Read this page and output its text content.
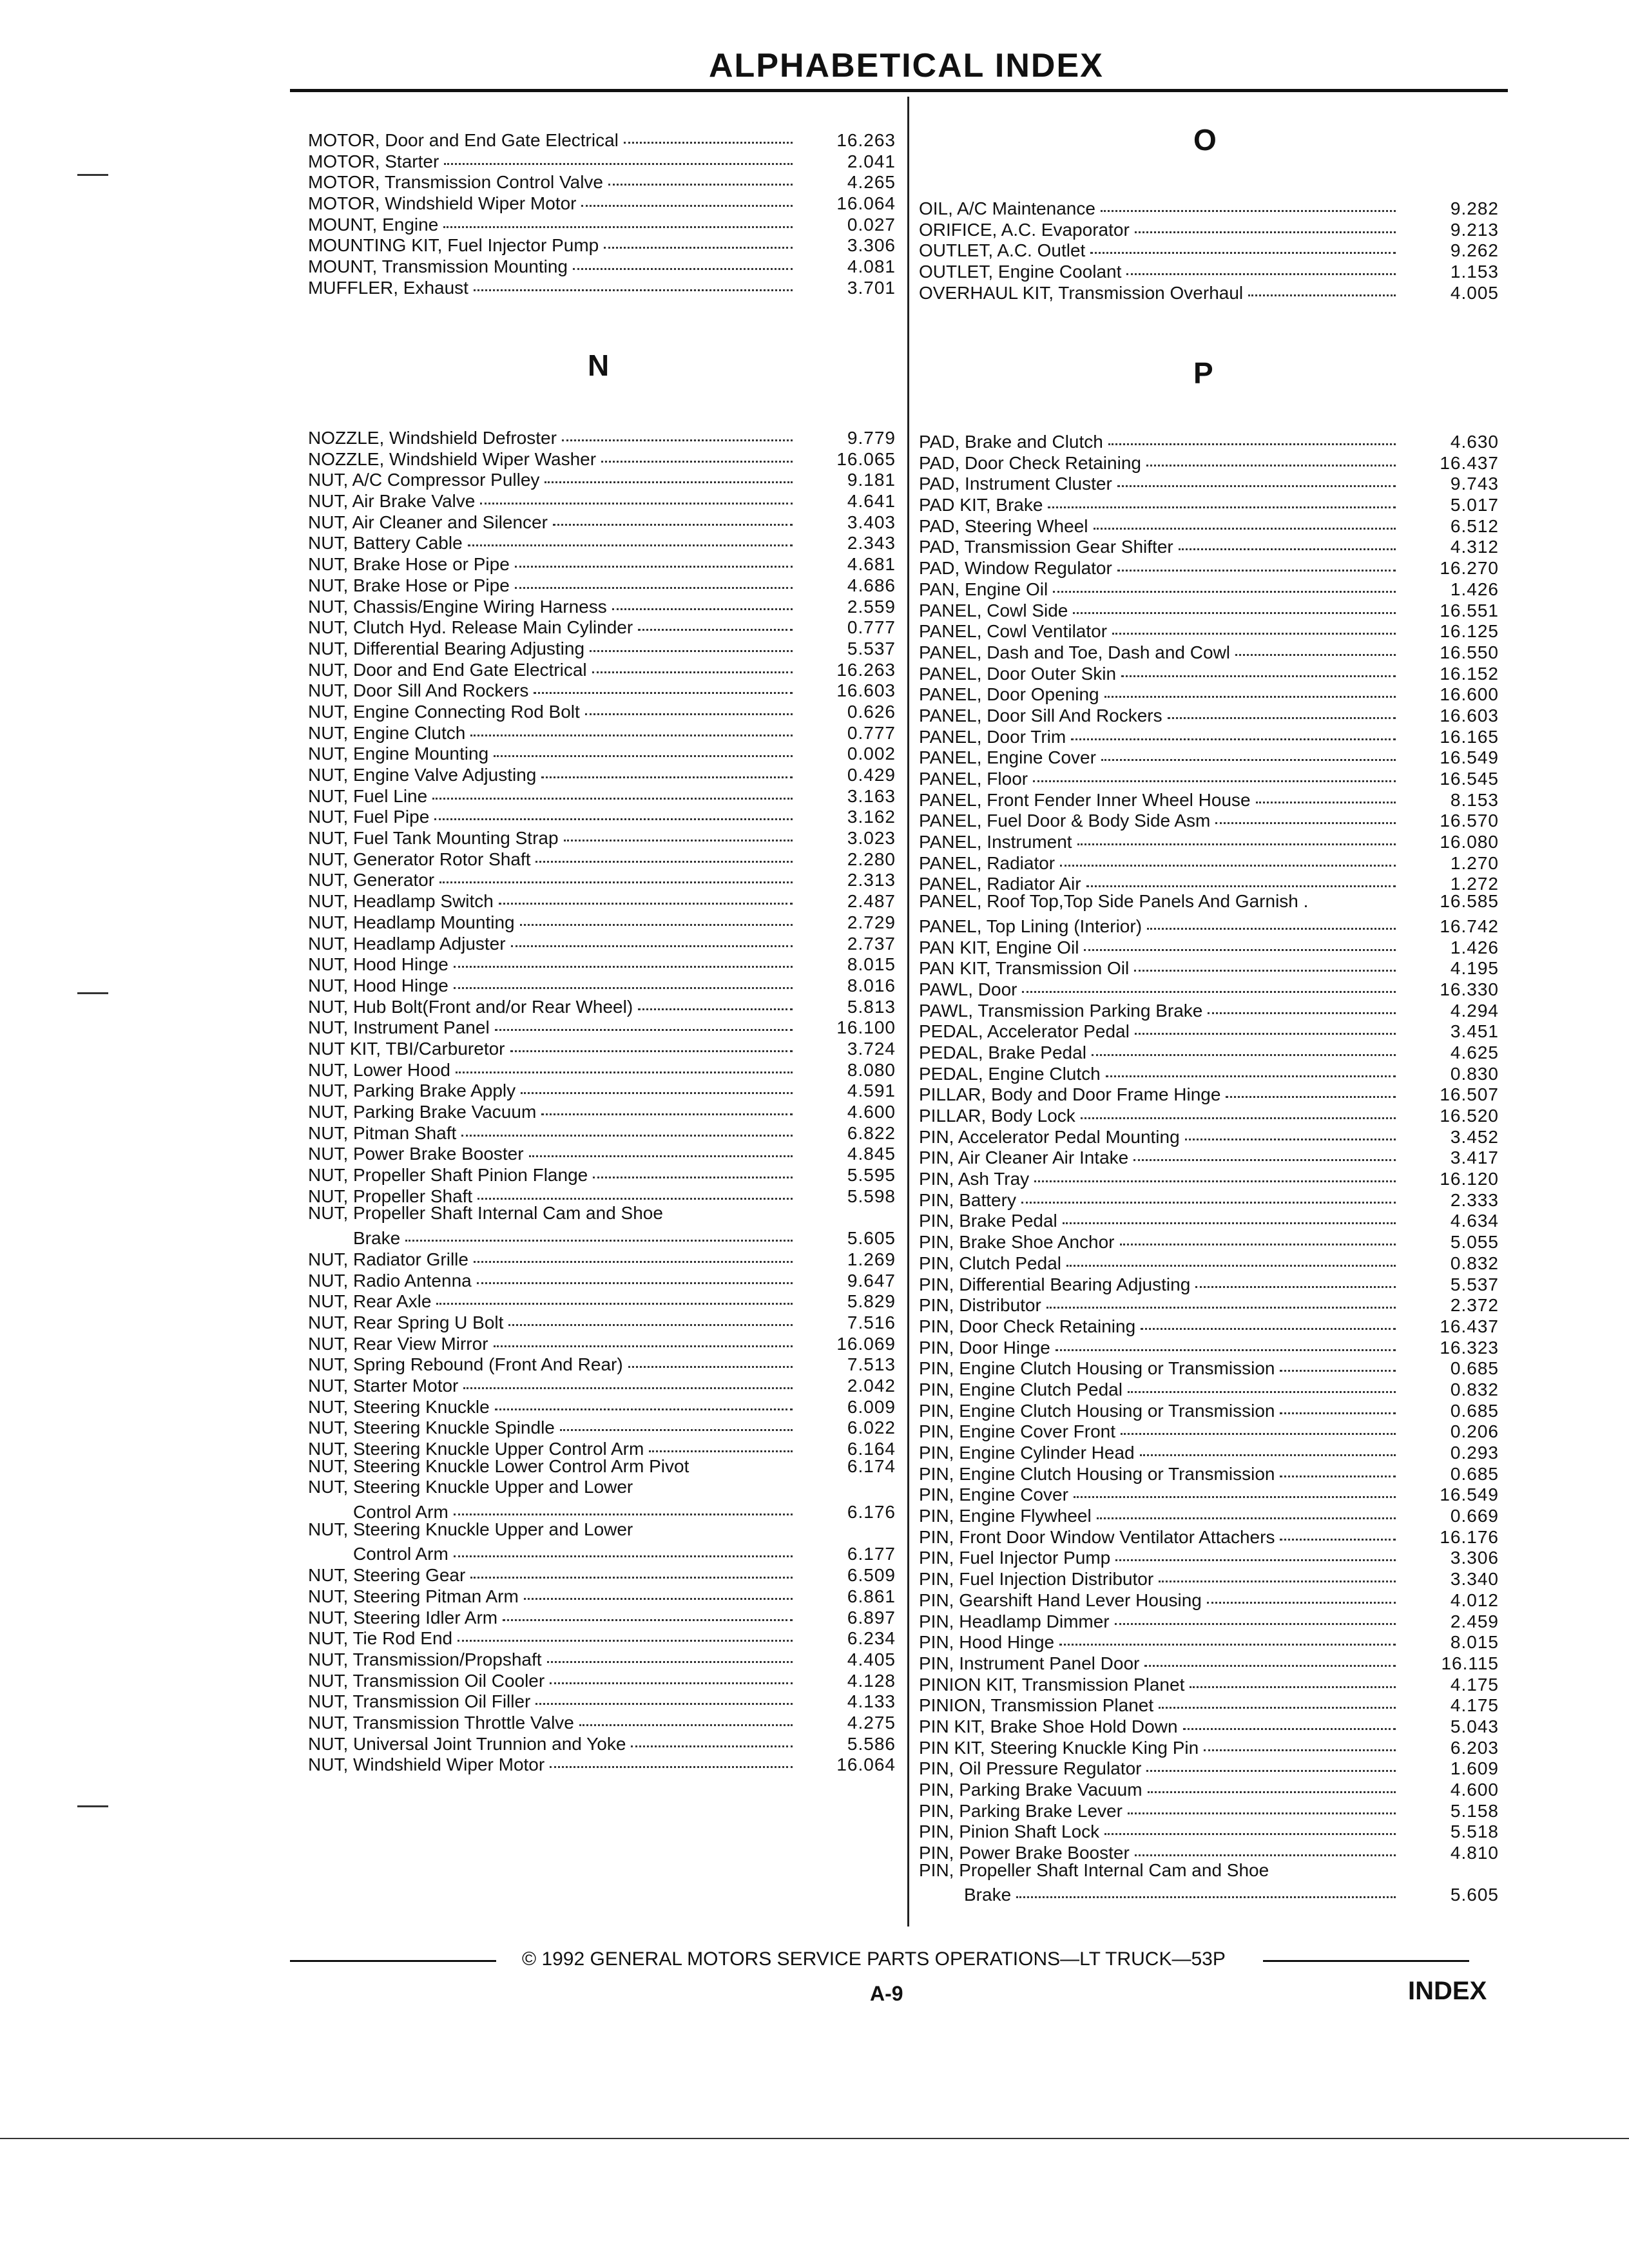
ALPHABETICAL INDEX
MOTOR, Door and End Gate Electrical	16.263
MOTOR, Starter	2.041
MOTOR, Transmission Control Valve	4.265
MOTOR, Windshield Wiper Motor	16.064
MOUNT, Engine	0.027
MOUNTING KIT, Fuel Injector Pump	3.306
MOUNT, Transmission Mounting	4.081
MUFFLER, Exhaust	3.701
N
NOZZLE, Windshield Defroster	9.779
NOZZLE, Windshield Wiper Washer	16.065
NUT, A/C Compressor Pulley	9.181
NUT, Air Brake Valve	4.641
NUT, Air Cleaner and Silencer	3.403
NUT, Battery Cable	2.343
NUT, Brake Hose or Pipe	4.681
NUT, Brake Hose or Pipe	4.686
NUT, Chassis/Engine Wiring Harness	2.559
NUT, Clutch Hyd. Release Main Cylinder	0.777
NUT, Differential Bearing Adjusting	5.537
NUT, Door and End Gate Electrical	16.263
NUT, Door Sill And Rockers	16.603
NUT, Engine Connecting Rod Bolt	0.626
NUT, Engine Clutch	0.777
NUT, Engine Mounting	0.002
NUT, Engine Valve Adjusting	0.429
NUT, Fuel Line	3.163
NUT, Fuel Pipe	3.162
NUT, Fuel Tank Mounting Strap	3.023
NUT, Generator Rotor Shaft	2.280
NUT, Generator	2.313
NUT, Headlamp Switch	2.487
NUT, Headlamp Mounting	2.729
NUT, Headlamp Adjuster	2.737
NUT, Hood Hinge	8.015
NUT, Hood Hinge	8.016
NUT, Hub Bolt(Front and/or Rear Wheel)	5.813
NUT, Instrument Panel	16.100
NUT KIT, TBI/Carburetor	3.724
NUT, Lower Hood	8.080
NUT, Parking Brake Apply	4.591
NUT, Parking Brake Vacuum	4.600
NUT, Pitman Shaft	6.822
NUT, Power Brake Booster	4.845
NUT, Propeller Shaft Pinion Flange	5.595
NUT, Propeller Shaft	5.598
NUT, Propeller Shaft Internal Cam and Shoe
Brake	5.605
NUT, Radiator Grille	1.269
NUT, Radio Antenna	9.647
NUT, Rear Axle	5.829
NUT, Rear Spring U Bolt	7.516
NUT, Rear View Mirror	16.069
NUT, Spring Rebound (Front And Rear)	7.513
NUT, Starter Motor	2.042
NUT, Steering Knuckle	6.009
NUT, Steering Knuckle Spindle	6.022
NUT, Steering Knuckle Upper Control Arm	6.164
NUT, Steering Knuckle Lower Control Arm Pivot	6.174
NUT, Steering Knuckle Upper and Lower
Control Arm	6.176
NUT, Steering Knuckle Upper and Lower
Control Arm	6.177
NUT, Steering Gear	6.509
NUT, Steering Pitman Arm	6.861
NUT, Steering Idler Arm	6.897
NUT, Tie Rod End	6.234
NUT, Transmission/Propshaft	4.405
NUT, Transmission Oil Cooler	4.128
NUT, Transmission Oil Filler	4.133
NUT, Transmission Throttle Valve	4.275
NUT, Universal Joint Trunnion and Yoke	5.586
NUT, Windshield Wiper Motor	16.064
O
OIL, A/C Maintenance	9.282
ORIFICE, A.C. Evaporator	9.213
OUTLET, A.C. Outlet	9.262
OUTLET, Engine Coolant	1.153
OVERHAUL KIT, Transmission Overhaul	4.005
P
PAD, Brake and Clutch	4.630
PAD, Door Check Retaining	16.437
PAD, Instrument Cluster	9.743
PAD KIT, Brake	5.017
PAD, Steering Wheel	6.512
PAD, Transmission Gear Shifter	4.312
PAD, Window Regulator	16.270
PAN, Engine Oil	1.426
PANEL, Cowl Side	16.551
PANEL, Cowl Ventilator	16.125
PANEL, Dash and Toe, Dash and Cowl	16.550
PANEL, Door Outer Skin	16.152
PANEL, Door Opening	16.600
PANEL, Door Sill And Rockers	16.603
PANEL, Door Trim	16.165
PANEL, Engine Cover	16.549
PANEL, Floor	16.545
PANEL, Front Fender Inner Wheel House	8.153
PANEL, Fuel Door & Body Side Asm	16.570
PANEL, Instrument	16.080
PANEL, Radiator	1.270
PANEL, Radiator Air	1.272
PANEL, Roof Top,Top Side Panels And Garnish .	16.585
PANEL, Top Lining (Interior)	16.742
PAN KIT, Engine Oil	1.426
PAN KIT, Transmission Oil	4.195
PAWL, Door	16.330
PAWL, Transmission Parking Brake	4.294
PEDAL, Accelerator Pedal	3.451
PEDAL, Brake Pedal	4.625
PEDAL, Engine Clutch	0.830
PILLAR, Body and Door Frame Hinge	16.507
PILLAR, Body Lock	16.520
PIN, Accelerator Pedal Mounting	3.452
PIN, Air Cleaner Air Intake	3.417
PIN, Ash Tray	16.120
PIN, Battery	2.333
PIN, Brake Pedal	4.634
PIN, Brake Shoe Anchor	5.055
PIN, Clutch Pedal	0.832
PIN, Differential Bearing Adjusting	5.537
PIN, Distributor	2.372
PIN, Door Check Retaining	16.437
PIN, Door Hinge	16.323
PIN, Engine Clutch Housing or Transmission	0.685
PIN, Engine Clutch Pedal	0.832
PIN, Engine Clutch Housing or Transmission	0.685
PIN, Engine Cover Front	0.206
PIN, Engine Cylinder Head	0.293
PIN, Engine Clutch Housing or Transmission	0.685
PIN, Engine Cover	16.549
PIN, Engine Flywheel	0.669
PIN, Front Door Window Ventilator Attachers	16.176
PIN, Fuel Injector Pump	3.306
PIN, Fuel Injection Distributor	3.340
PIN, Gearshift Hand Lever Housing	4.012
PIN, Headlamp Dimmer	2.459
PIN, Hood Hinge	8.015
PIN, Instrument Panel Door	16.115
PINION KIT, Transmission Planet	4.175
PINION, Transmission Planet	4.175
PIN KIT, Brake Shoe Hold Down	5.043
PIN KIT, Steering Knuckle King Pin	6.203
PIN, Oil Pressure Regulator	1.609
PIN, Parking Brake Vacuum	4.600
PIN, Parking Brake Lever	5.158
PIN, Pinion Shaft Lock	5.518
PIN, Power Brake Booster	4.810
PIN, Propeller Shaft Internal Cam and Shoe
Brake	5.605
© 1992 GENERAL MOTORS SERVICE PARTS OPERATIONS—LT TRUCK—53P
A-9	INDEX
